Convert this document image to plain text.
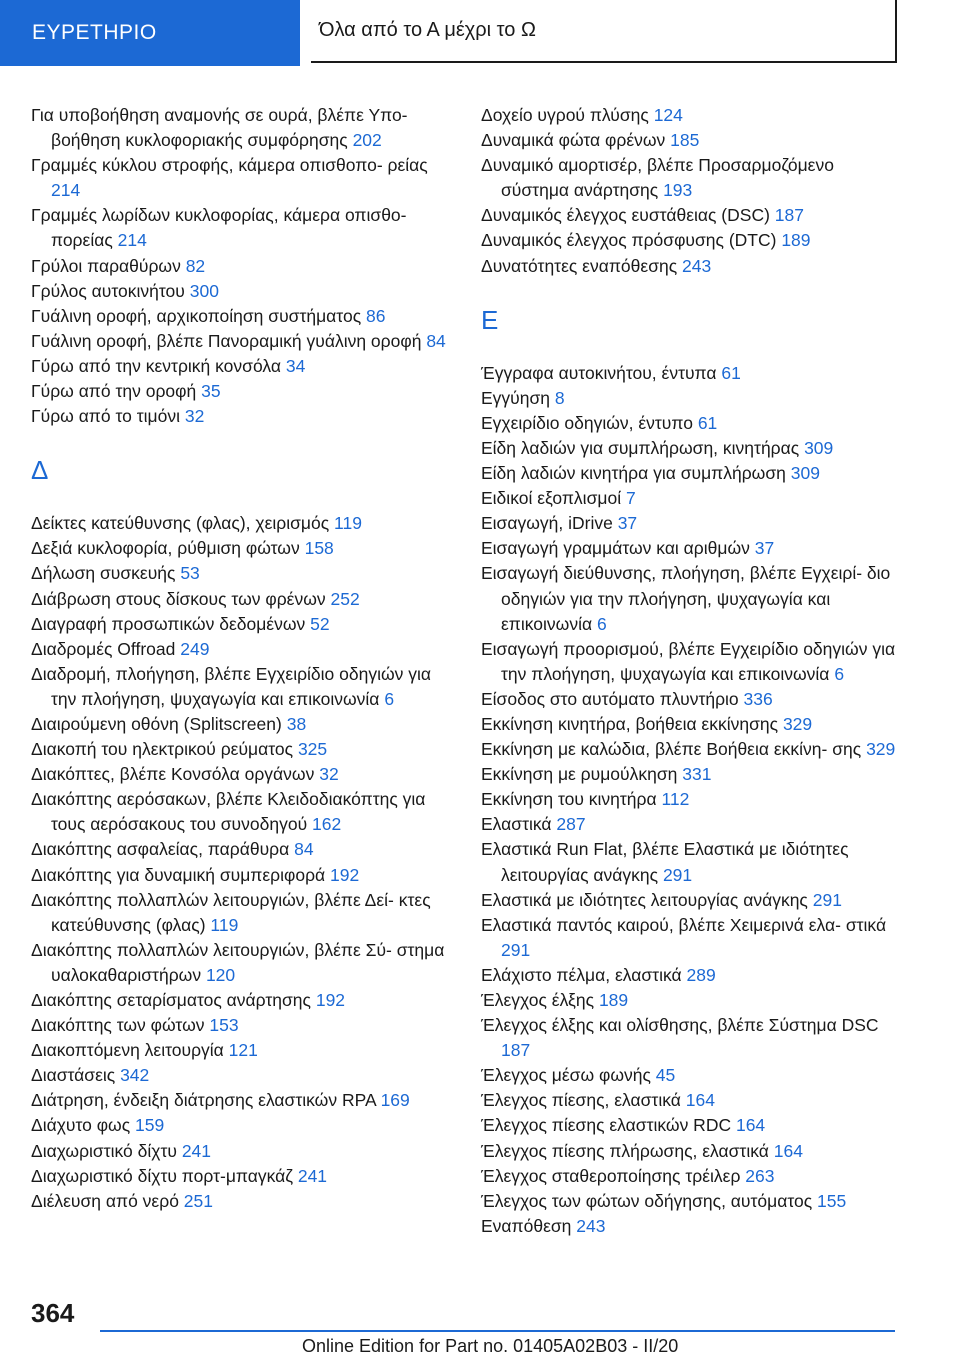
ΕΥΡΕΤΗΡΙΟ	Όλα από το Α μέχρι το Ω
Για υποβοήθηση αναμονής σε ουρά, βλέπε Υπο- βοήθηση κυκλοφοριακής συμφόρησης 202
Γραμμές κύκλου στροφής, κάμερα οπισθοπο- ρείας 214
Γραμμές λωρίδων κυκλοφορίας, κάμερα οπισθο- πορείας 214
Γρύλοι παραθύρων 82
Γρύλος αυτοκινήτου 300
Γυάλινη οροφή, αρχικοποίηση συστήματος 86
Γυάλινη οροφή, βλέπε Πανοραμική γυάλινη οροφή 84
Γύρω από την κεντρική κονσόλα 34
Γύρω από την οροφή 35
Γύρω από το τιμόνι 32
Δ
Δείκτες κατεύθυνσης (φλας), χειρισμός 119
Δεξιά κυκλοφορία, ρύθμιση φώτων 158
Δήλωση συσκευής 53
Διάβρωση στους δίσκους των φρένων 252
Διαγραφή προσωπικών δεδομένων 52
Διαδρομές Offroad 249
Διαδρομή, πλοήγηση, βλέπε Εγχειρίδιο οδηγιών για την πλοήγηση, ψυχαγωγία και επικοινωνία 6
Διαιρούμενη οθόνη (Splitscreen) 38
Διακοπή του ηλεκτρικού ρεύματος 325
Διακόπτες, βλέπε Κονσόλα οργάνων 32
Διακόπτης αερόσακων, βλέπε Κλειδοδιακόπτης για τους αερόσακους του συνοδηγού 162
Διακόπτης ασφαλείας, παράθυρα 84
Διακόπτης για δυναμική συμπεριφορά 192
Διακόπτης πολλαπλών λειτουργιών, βλέπε Δεί- κτες κατεύθυνσης (φλας) 119
Διακόπτης πολλαπλών λειτουργιών, βλέπε Σύ- στημα υαλοκαθαριστήρων 120
Διακόπτης σεταρίσματος ανάρτησης 192
Διακόπτης των φώτων 153
Διακοπτόμενη λειτουργία 121
Διαστάσεις 342
Διάτρηση, ένδειξη διάτρησης ελαστικών RPA 169
Διάχυτο φως 159
Διαχωριστικό δίχτυ 241
Διαχωριστικό δίχτυ πορτ-μπαγκάζ 241
Διέλευση από νερό 251
Δοχείο υγρού πλύσης 124
Δυναμικά φώτα φρένων 185
Δυναμικό αμορτισέρ, βλέπε Προσαρμοζόμενο σύστημα ανάρτησης 193
Δυναμικός έλεγχος ευστάθειας (DSC) 187
Δυναμικός έλεγχος πρόσφυσης (DTC) 189
Δυνατότητες εναπόθεσης 243
Ε
Έγγραφα αυτοκινήτου, έντυπα 61
Εγγύηση 8
Εγχειρίδιο οδηγιών, έντυπο 61
Είδη λαδιών για συμπλήρωση, κινητήρας 309
Είδη λαδιών κινητήρα για συμπλήρωση 309
Ειδικοί εξοπλισμοί 7
Εισαγωγή, iDrive 37
Εισαγωγή γραμμάτων και αριθμών 37
Εισαγωγή διεύθυνσης, πλοήγηση, βλέπε Εγχειρί- διο οδηγιών για την πλοήγηση, ψυχαγωγία και επικοινωνία 6
Εισαγωγή προορισμού, βλέπε Εγχειρίδιο οδηγιών για την πλοήγηση, ψυχαγωγία και επικοινωνία 6
Είσοδος στο αυτόματο πλυντήριο 336
Εκκίνηση κινητήρα, βοήθεια εκκίνησης 329
Εκκίνηση με καλώδια, βλέπε Βοήθεια εκκίνη- σης 329
Εκκίνηση με ρυμούλκηση 331
Εκκίνηση του κινητήρα 112
Ελαστικά 287
Ελαστικά Run Flat, βλέπε Ελαστικά με ιδιότητες λειτουργίας ανάγκης 291
Ελαστικά με ιδιότητες λειτουργίας ανάγκης 291
Ελαστικά παντός καιρού, βλέπε Χειμερινά ελα- στικά 291
Ελάχιστο πέλμα, ελαστικά 289
Έλεγχος έλξης 189
Έλεγχος έλξης και ολίσθησης, βλέπε Σύστημα DSC 187
Έλεγχος μέσω φωνής 45
Έλεγχος πίεσης, ελαστικά 164
Έλεγχος πίεσης ελαστικών RDC 164
Έλεγχος πίεσης πλήρωσης, ελαστικά 164
Έλεγχος σταθεροποίησης τρέιλερ 263
Έλεγχος των φώτων οδήγησης, αυτόματος 155
Εναπόθεση 243
364
Online Edition for Part no. 01405A02B03 - II/20
